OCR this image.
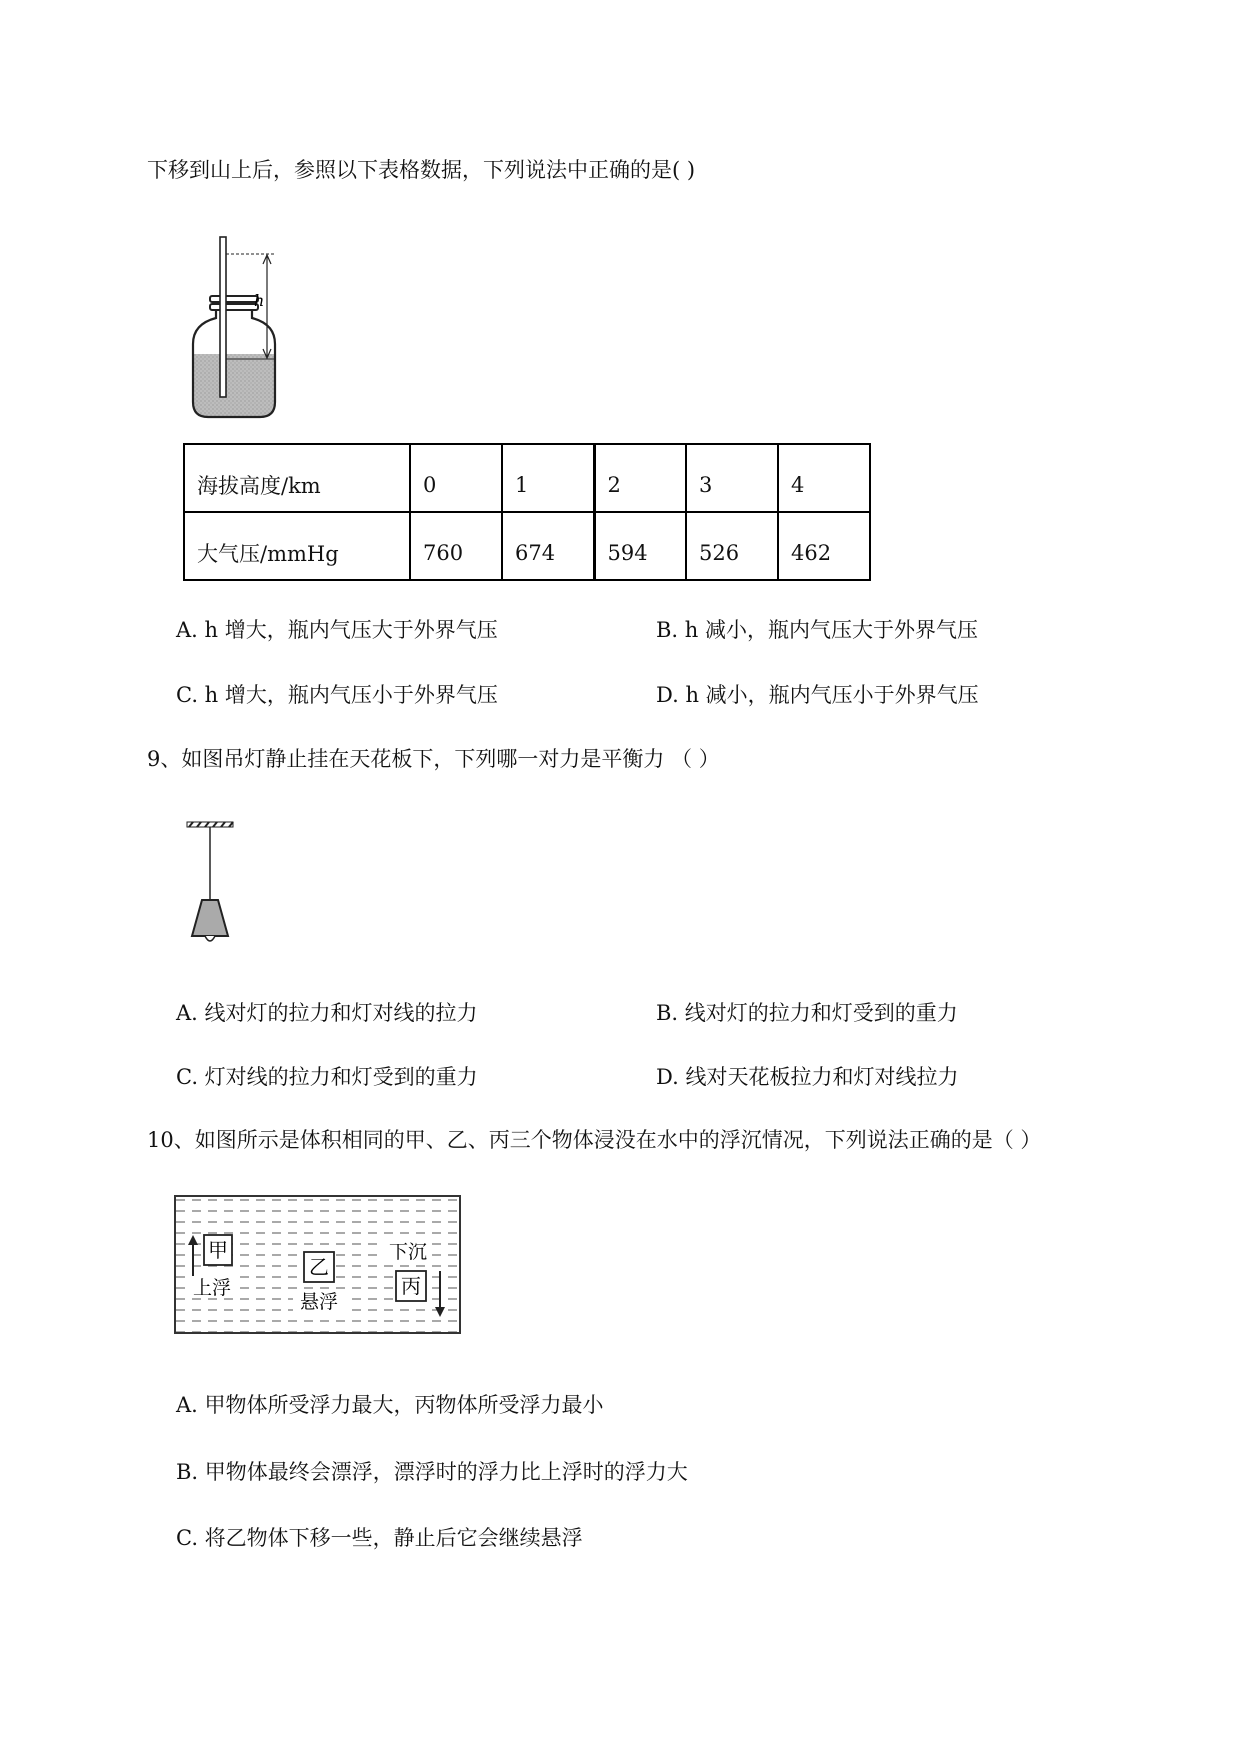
下移到山上后，参照以下表格数据，下列说法中正确的是( )
h
海拔高度/km	0	1	2	3	4
大气压/mmHg	760	674	594	526	462
A. h 增大，瓶内气压大于外界气压	B. h 减小，瓶内气压大于外界气压
C. h 增大，瓶内气压小于外界气压	D. h 减小，瓶内气压小于外界气压
9、如图吊灯静止挂在天花板下，下列哪一对力是平衡力 （ ）
A. 线对灯的拉力和灯对线的拉力	B. 线对灯的拉力和灯受到的重力
C. 灯对线的拉力和灯受到的重力	D. 线对天花板拉力和灯对线拉力
10、如图所示是体积相同的甲、乙、丙三个物体浸没在水中的浮沉情况，下列说法正确的是（ ）
甲
上浮
乙
悬浮
下沉
丙
A. 甲物体所受浮力最大，丙物体所受浮力最小
B. 甲物体最终会漂浮，漂浮时的浮力比上浮时的浮力大
C. 将乙物体下移一些，静止后它会继续悬浮
